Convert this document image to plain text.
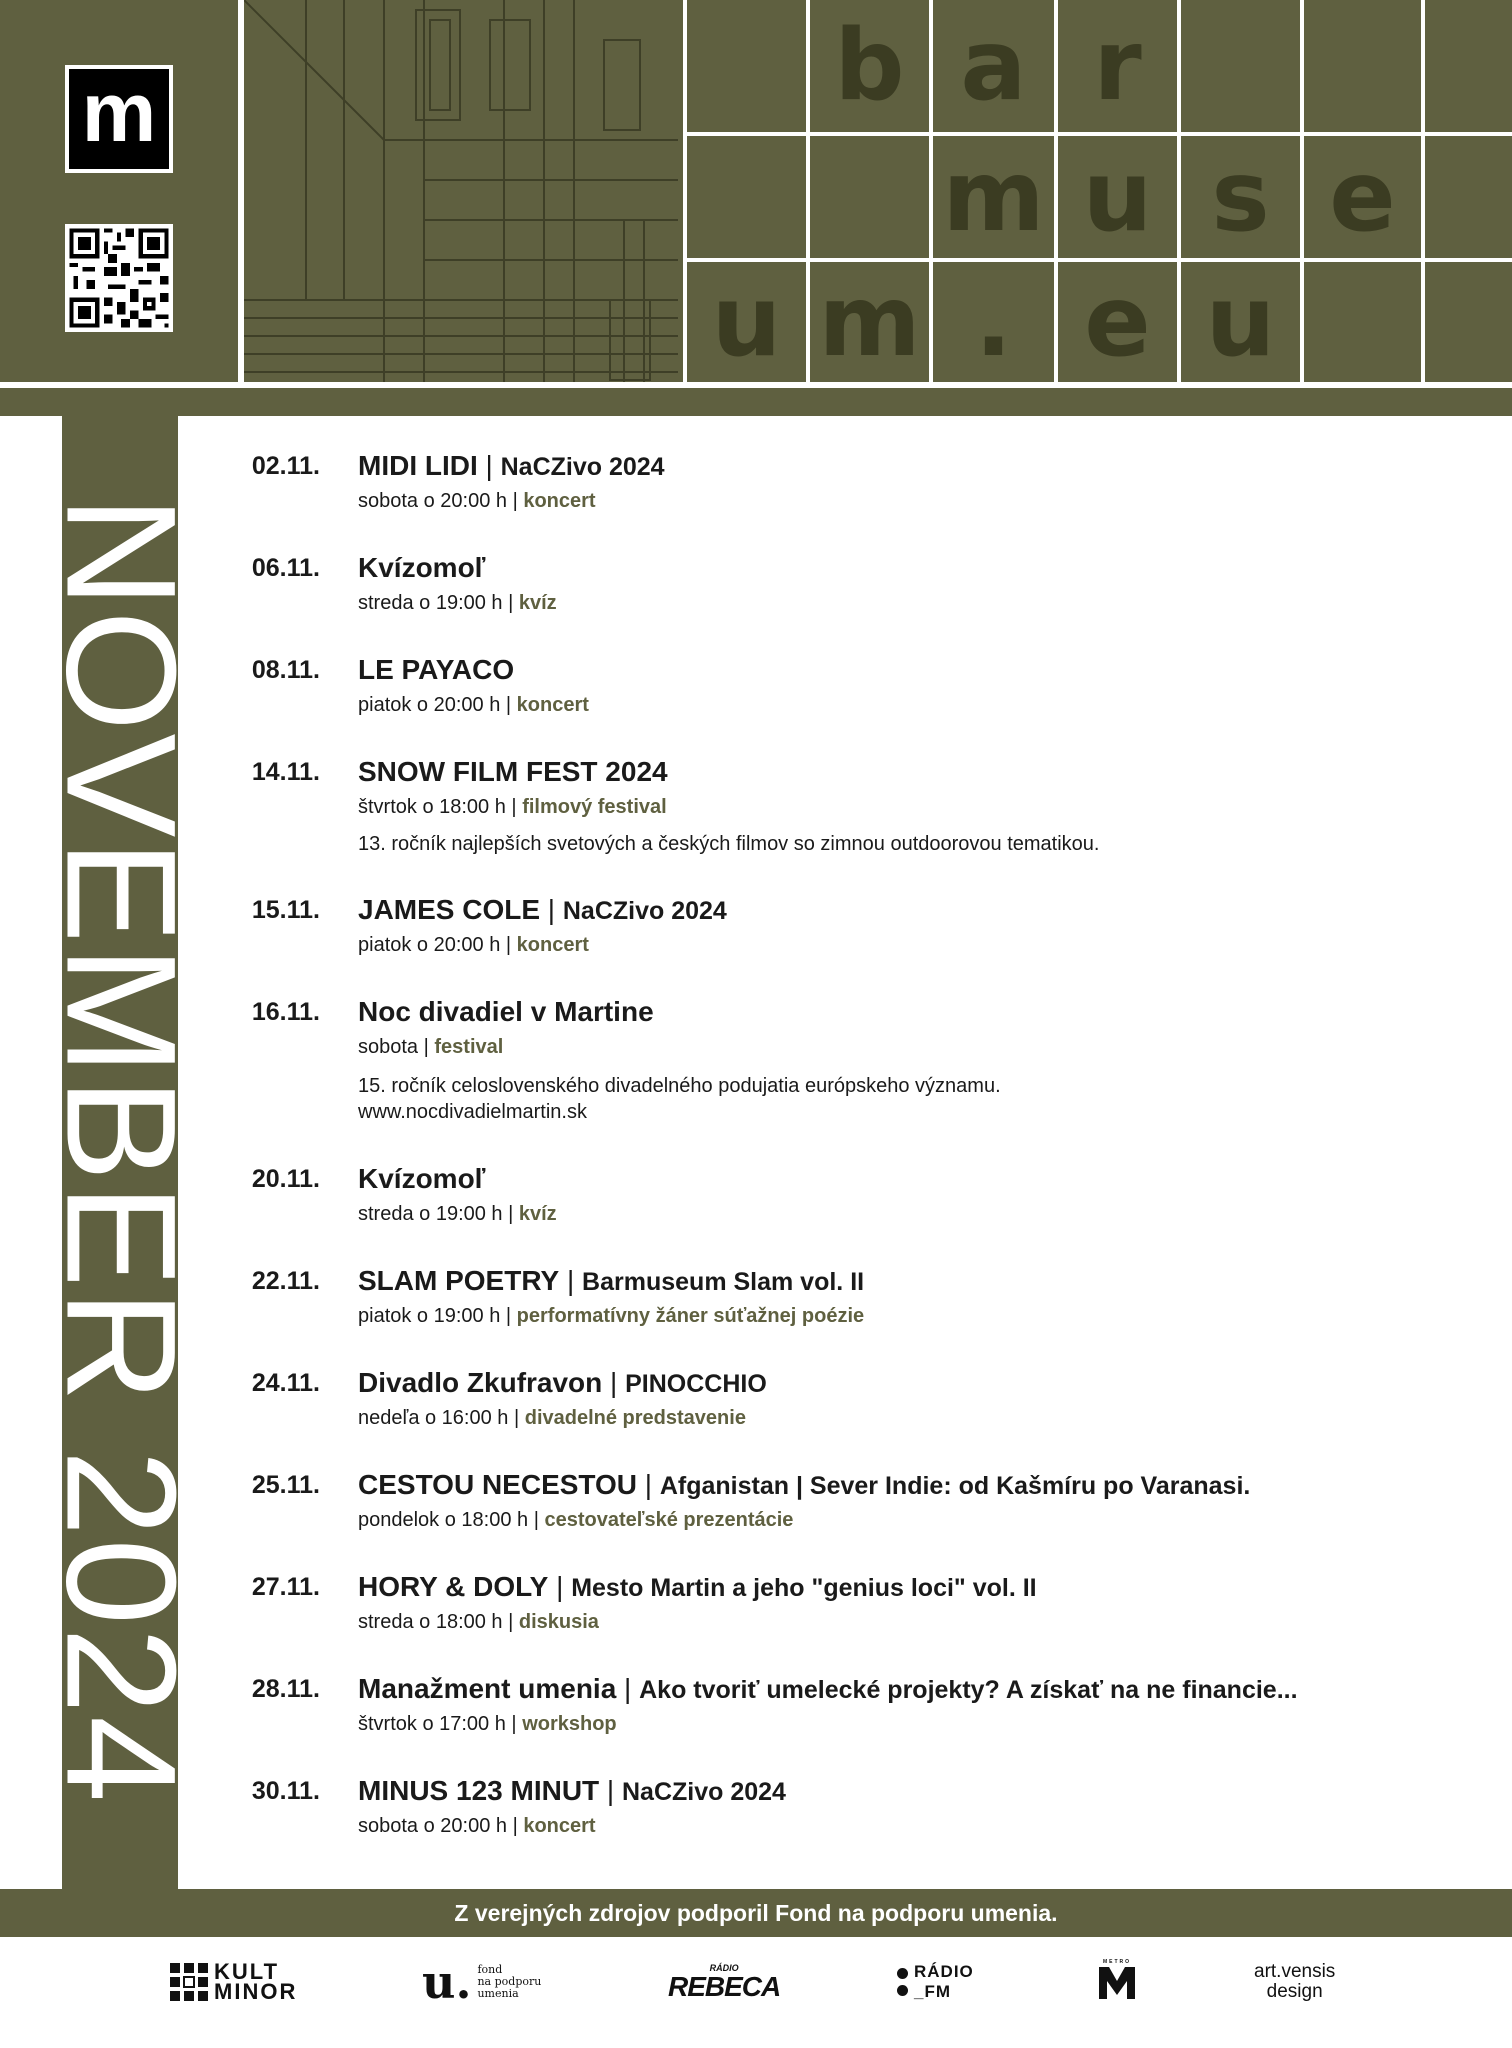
m	b a r
m u s e
u m . e u
NOVEMBER 2024
02.11. MIDI LIDI | NaCZivo 2024
sobota o 20:00 h | koncert
06.11. Kvízomoľ
streda o 19:00 h | kvíz
08.11. LE PAYACO
piatok o 20:00 h | koncert
14.11. SNOW FILM FEST 2024
štvrtok o 18:00 h | filmový festival
13. ročník najlepších svetových a českých filmov so zimnou outdoorovou tematikou.
15.11. JAMES COLE | NaCZivo 2024
piatok o 20:00 h | koncert
16.11. Noc divadiel v Martine
sobota | festival
15. ročník celoslovenského divadelného podujatia európskeho významu.
www.nocdivadielmartin.sk
20.11. Kvízomoľ
streda o 19:00 h | kvíz
22.11. SLAM POETRY | Barmuseum Slam vol. II
piatok o 19:00 h | performatívny žáner súťažnej poézie
24.11. Divadlo Zkufravon | PINOCCHIO
nedeľa o 16:00 h | divadelné predstavenie
25.11. CESTOU NECESTOU | Afganistan | Sever Indie: od Kašmíru po Varanasi.
pondelok o 18:00 h | cestovateľské prezentácie
27.11. HORY & DOLY | Mesto Martin a jeho "genius loci" vol. II
streda o 18:00 h | diskusia
28.11. Manažment umenia | Ako tvoriť umelecké projekty? A získať na ne financie...
štvrtok o 17:00 h | workshop
30.11. MINUS 123 MINUT | NaCZivo 2024
sobota o 20:00 h | koncert
Z verejných zdrojov podporil Fond na podporu umenia.
KULT
MINOR	u. fond
na podporu
umenia
RÁDIO
REBECA	RÁDIO
_FM
METRO	art.vensis
design
